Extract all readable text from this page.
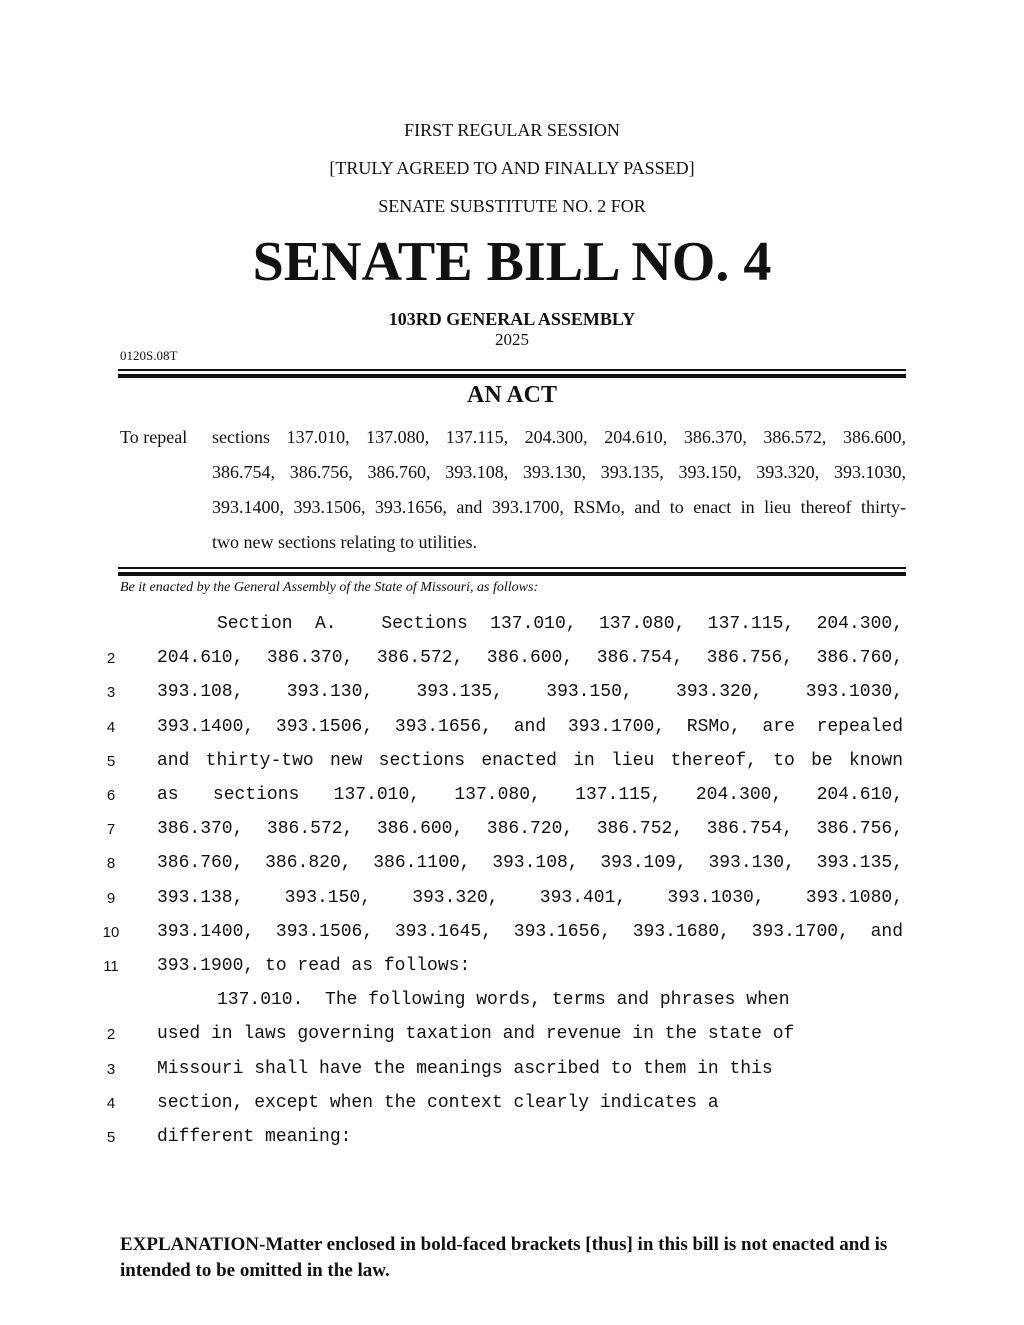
FIRST REGULAR SESSION
[TRULY AGREED TO AND FINALLY PASSED]
SENATE SUBSTITUTE NO. 2 FOR
SENATE BILL NO. 4
103RD GENERAL ASSEMBLY
2025
0120S.08T
AN ACT
To repeal sections 137.010, 137.080, 137.115, 204.300, 204.610, 386.370, 386.572, 386.600,
386.754, 386.756, 386.760, 393.108, 393.130, 393.135, 393.150, 393.320, 393.1030,
393.1400, 393.1506, 393.1656, and 393.1700, RSMo, and to enact in lieu thereof thirty-
two new sections relating to utilities.
Be it enacted by the General Assembly of the State of Missouri, as follows:
Section A.  Sections 137.010, 137.080, 137.115, 204.300,
2	204.610, 386.370, 386.572, 386.600, 386.754, 386.756, 386.760,
3	393.108,  393.130,  393.135,  393.150,  393.320,  393.1030,
4	393.1400, 393.1506, 393.1656, and 393.1700, RSMo, are repealed
5	and thirty-two new sections enacted in lieu thereof, to be known
6	as  sections  137.010,  137.080,  137.115,  204.300,  204.610,
7	386.370, 386.572, 386.600, 386.720, 386.752, 386.754, 386.756,
8	386.760, 386.820, 386.1100, 393.108, 393.109, 393.130, 393.135,
9	393.138,  393.150,  393.320,  393.401,  393.1030,  393.1080,
10	393.1400, 393.1506, 393.1645, 393.1656, 393.1680, 393.1700, and
11	393.1900, to read as follows:
137.010.  The following words, terms and phrases when
2	used in laws governing taxation and revenue in the state of
3	Missouri shall have the meanings ascribed to them in this
4	section, except when the context clearly indicates a
5	different meaning:
EXPLANATION-Matter enclosed in bold-faced brackets [thus] in this bill is not enacted and is intended to be omitted in the law.
